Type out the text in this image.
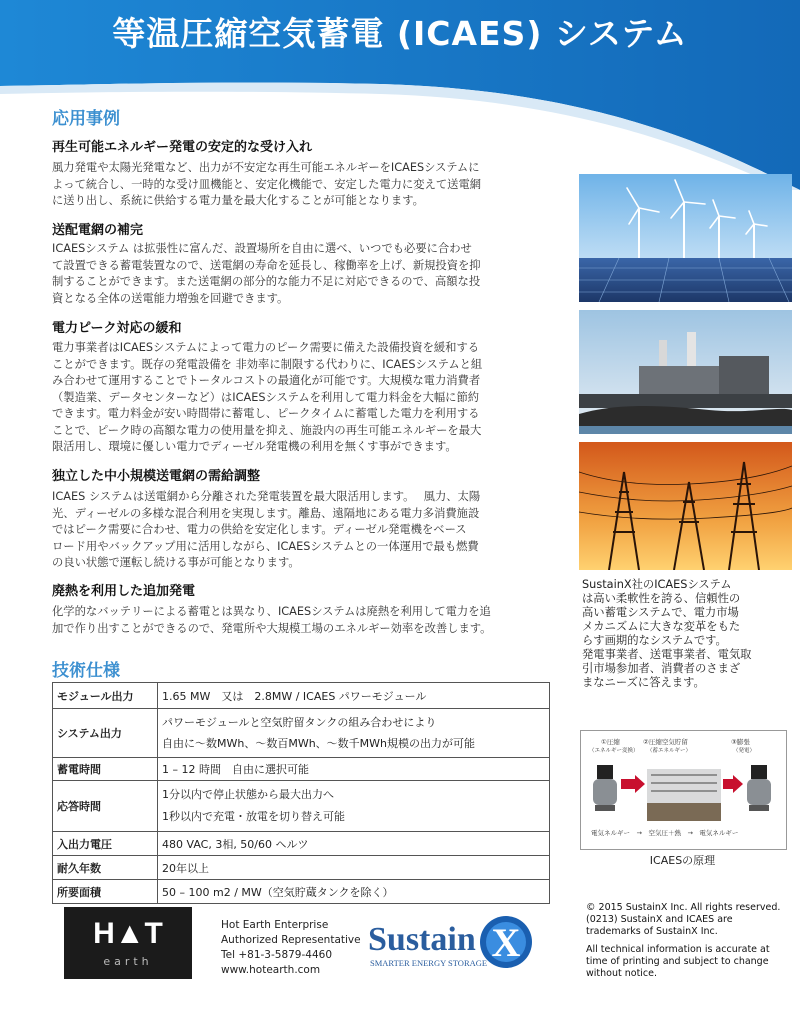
等温圧縮空気蓄電 (ICAES) システム
応用事例
再生可能エネルギー発電の安定的な受け入れ
風力発電や太陽光発電など、出力が不安定な再生可能エネルギーをICAESシステムに
よって統合し、一時的な受け皿機能と、安定化機能で、安定した電力に変えて送電網
に送り出し、系統に供給する電力量を最大化することが可能となります。
送配電網の補完
ICAESシステム は拡張性に富んだ、設置場所を自由に選べ、いつでも必要に合わせ
て設置できる蓄電装置なので、送電網の寿命を延長し、稼働率を上げ、新規投資を抑
制することができます。また送電網の部分的な能力不足に対応できるので、高額な投
資となる全体の送電能力増強を回避できます。
電力ピーク対応の緩和
電力事業者はICAESシステムによって電力のピーク需要に備えた設備投資を緩和する
ことができます。既存の発電設備を 非効率に制限する代わりに、ICAESシステムと組
み合わせて運用することでトータルコストの最適化が可能です。大規模な電力消費者
（製造業、データセンターなど）はICAESシステムを利用して電力料金を大幅に節約
できます。電力料金が安い時間帯に蓄電し、ピークタイムに蓄電した電力を利用する
ことで、ピーク時の高額な電力の使用量を抑え、施設内の再生可能エネルギーを最大
限活用し、環境に優しい電力でディーゼル発電機の利用を無くす事ができます。
独立した中小規模送電網の需給調整
ICAES システムは送電網から分離された発電装置を最大限活用します。　 風力、太陽
光、ディーゼルの多様な混合利用を実現します。離島、遠隔地にある電力多消費施設
ではピーク需要に合わせ、電力の供給を安定化します。ディーゼル発電機をベース
ロード用やバックアップ用に活用しながら、ICAESシステムとの一体運用で最も燃費
の良い状態で運転し続ける事が可能となります。
廃熱を利用した追加発電
化学的なバッテリーによる蓄電とは異なり、ICAESシステムは廃熱を利用して電力を追
加で作り出すことができるので、発電所や大規模工場のエネルギー効率を改善します。
SustainX社のICAESシステム
は高い柔軟性を誇る、信頼性の
高い蓄電システムで、電力市場
メカニズムに大きな変革をもた
らす画期的なシステムです。
発電事業者、送電事業者、電気取
引市場参加者、消費者のさまざ
まなニーズに答えます。
技術仕様
モジュール出力	1.65 MW　又は　2.8MW / ICAES パワーモジュール

システム出力	パワーモジュールと空気貯留タンクの組み合わせにより
自由に～数MWh、～数百MWh、～数千MWh規模の出力が可能

蓄電時間	1 – 12 時間　自由に選択可能

応答時間	1分以内で停止状態から最大出力へ
1秒以内で充電・放電を切り替え可能

入出力電圧	480 VAC, 3相, 50/60 ヘルツ

耐久年数	20年以上

所要面積	50 – 100 m2 / MW（空気貯蔵タンクを除く）
①圧縮
（エネルギー変換）
②圧縮空気貯留
（蓄エネルギー）
③膨張
（発電）
電気ネルギー　→　空気圧＋熱　→　電気ネルギー
ICAESの原理
H▲T
earth
Hot Earth Enterprise
Authorized Representative
Tel +81-3-5879-4460
www.hotearth.com
X
Sustain
SMARTER ENERGY STORAGE
© 2015 SustainX Inc. All rights reserved. (0213) SustainX and ICAES are trademarks of SustainX Inc.
All technical information is accurate at time of printing and subject to change without notice.
